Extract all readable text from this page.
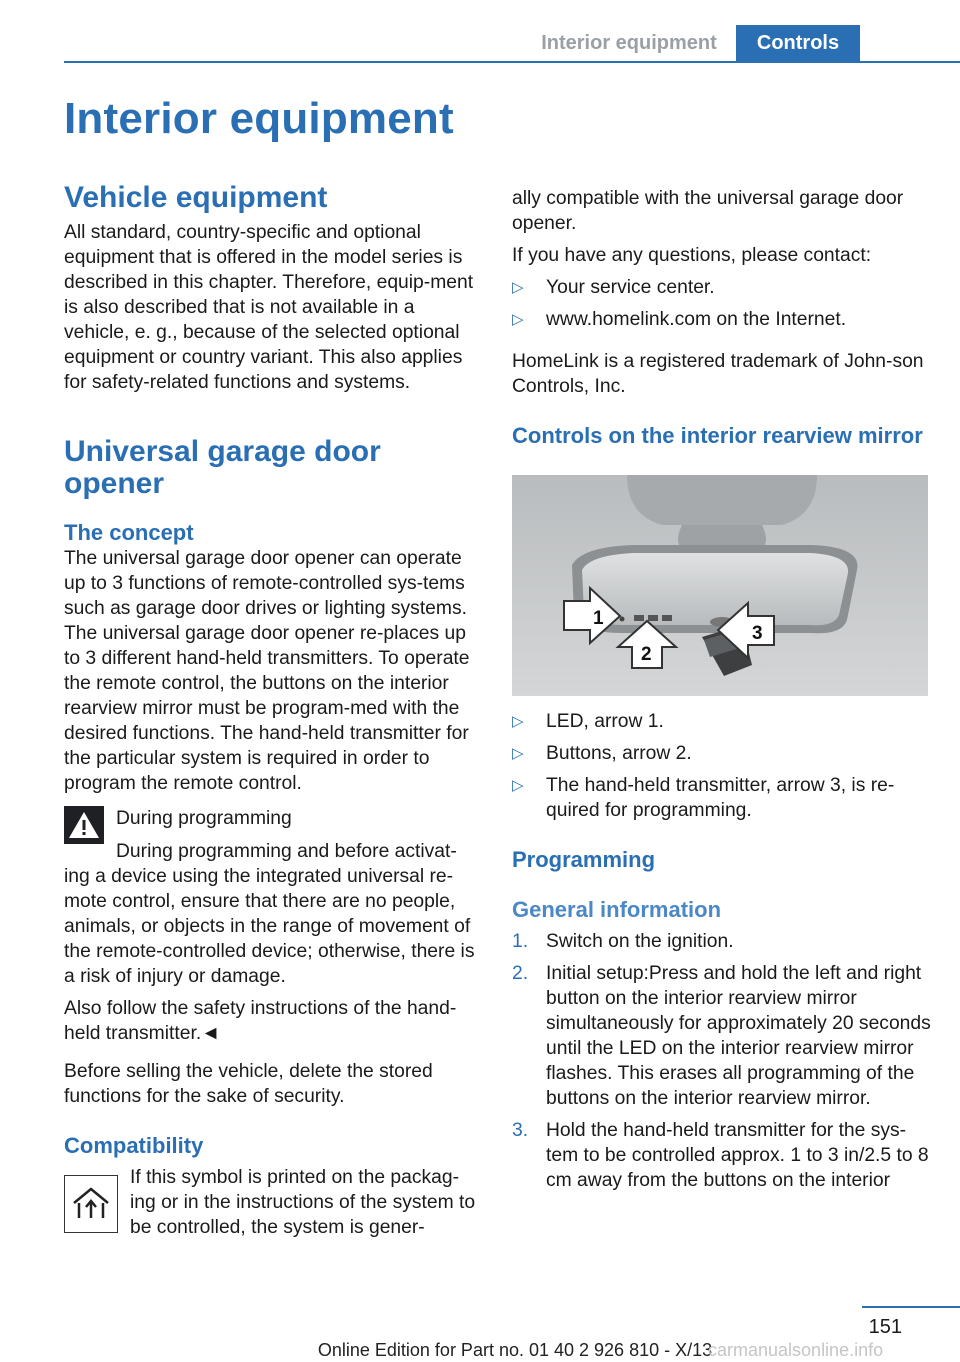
Interior equipment	Controls
Interior equipment
Vehicle equipment

All standard, country-specific and optional equipment that is offered in the model series is described in this chapter. Therefore, equip-ment is also described that is not available in a vehicle, e. g., because of the selected optional equipment or country variant. This also applies for safety-related functions and systems.

Universal garage door opener
The concept

The universal garage door opener can operate up to 3 functions of remote-controlled sys-tems such as garage door drives or lighting systems. The universal garage door opener re-places up to 3 different hand-held transmitters. To operate the remote control, the buttons on the interior rearview mirror must be program-med with the desired functions. The hand-held transmitter for the particular system is required in order to program the remote control.

During programming

During programming and before activat-ing a device using the integrated universal re-mote control, ensure that there are no people, animals, or objects in the range of movement of the remote-controlled device; otherwise, there is a risk of injury or damage.

Also follow the safety instructions of the hand-held transmitter.◄

Before selling the vehicle, delete the stored functions for the sake of security.

Compatibility

If this symbol is printed on the packag-ing or in the instructions of the system to be controlled, the system is gener-

ally compatible with the universal garage door opener.

If you have any questions, please contact:

▷ Your service center.
▷ www.homelink.com on the Internet.

HomeLink is a registered trademark of John-son Controls, Inc.

Controls on the interior rearview mirror
1
2
3
▷ LED, arrow 1.
▷ Buttons, arrow 2.
▷ The hand-held transmitter, arrow 3, is re-quired for programming.
Programming
General information
1. Switch on the ignition.
2. Initial setup:Press and hold the left and right button on the interior rearview mirror simultaneously for approximately 20 seconds until the LED on the interior rearview mirror flashes. This erases all programming of the buttons on the interior rearview mirror.
3. Hold the hand-held transmitter for the sys-tem to be controlled approx. 1 to 3 in/2.5 to 8 cm away from the buttons on the interior
151
Online Edition for Part no. 01 40 2 926 810 - X/13
carmanualsonline.info
